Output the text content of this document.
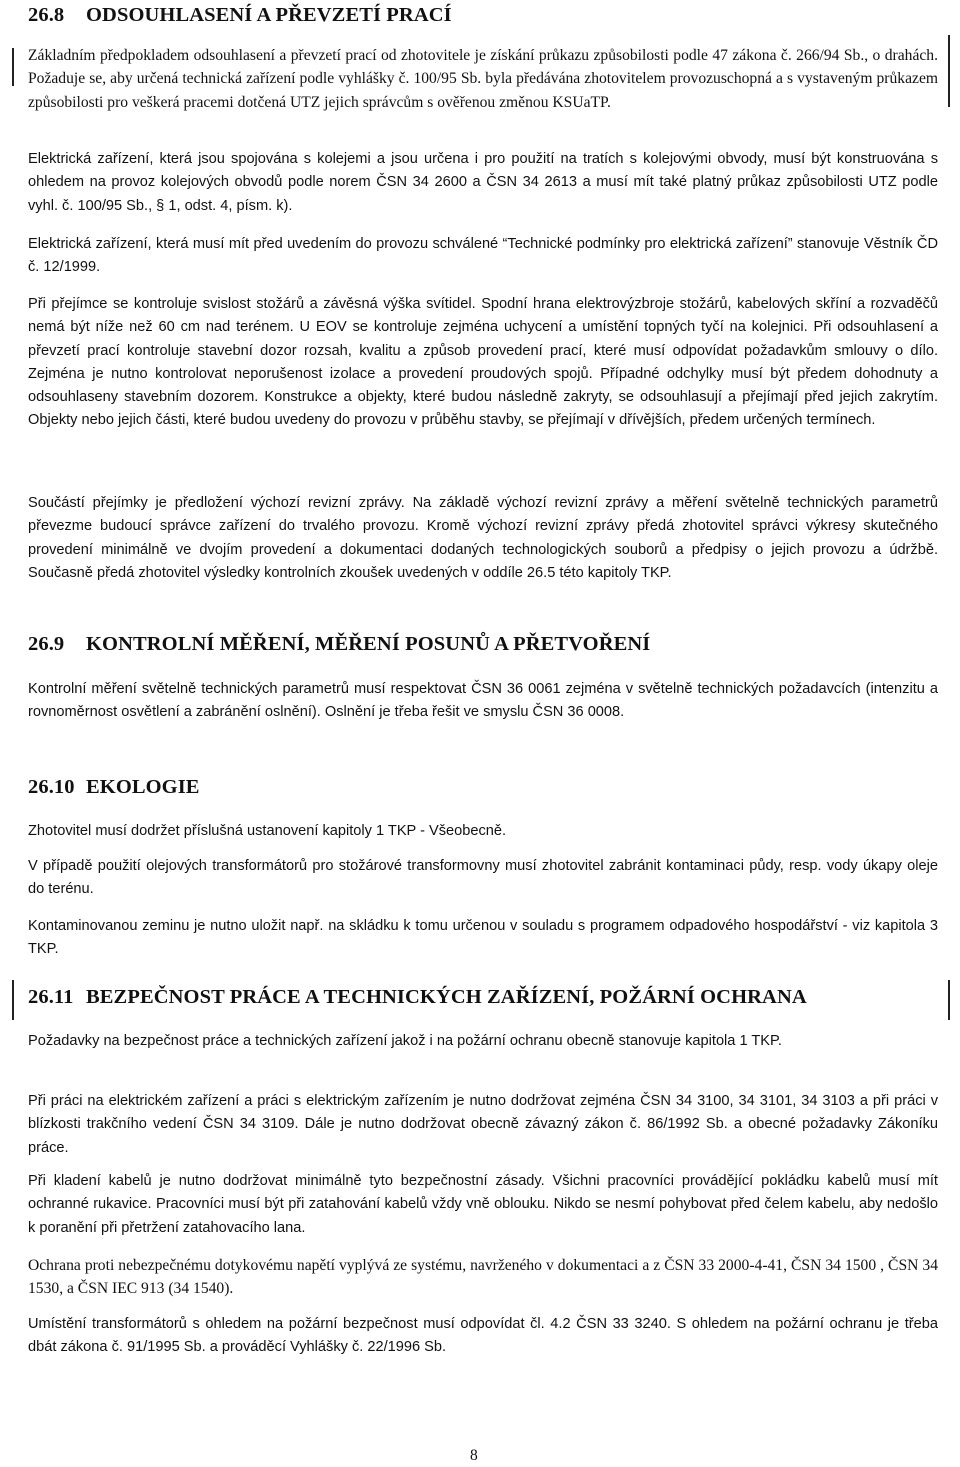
26.8 ODSOUHLASENÍ A PŘEVZETÍ PRACÍ

Základním předpokladem odsouhlasení a převzetí prací od zhotovitele je získání průkazu způsobilosti podle 47 zákona č. 266/94 Sb., o drahách. Požaduje se, aby určená technická zařízení podle vyhlášky č. 100/95 Sb. byla předávána zhotovitelem provozuschopná a s vystaveným průkazem způsobilosti pro veškerá pracemi dotčená UTZ jejich správcům s ověřenou změnou KSUaTP.

Elektrická zařízení, která jsou spojována s kolejemi a jsou určena i pro použití na tratích s kolejovými obvody, musí být konstruována s ohledem na provoz kolejových obvodů podle norem ČSN 34 2600 a ČSN 34 2613 a musí mít také platný průkaz způsobilosti UTZ podle vyhl. č. 100/95 Sb., § 1, odst. 4, písm. k).

Elektrická zařízení, která musí mít před uvedením do provozu schválené “Technické podmínky pro elektrická zařízení” stanovuje Věstník ČD č. 12/1999.

Při přejímce se kontroluje svislost stožárů a závěsná výška svítidel. Spodní hrana elektrovýzbroje stožárů, kabelových skříní a rozvaděčů nemá být níže než 60 cm nad terénem. U EOV se kontroluje zejména uchycení a umístění topných tyčí na kolejnici. Při odsouhlasení a převzetí prací kontroluje stavební dozor rozsah, kvalitu a způsob provedení prací, které musí odpovídat požadavkům smlouvy o dílo. Zejména je nutno kontrolovat neporušenost izolace a provedení proudových spojů. Případné odchylky musí být předem dohodnuty a odsouhlaseny stavebním dozorem. Konstrukce a objekty, které budou následně zakryty, se odsouhlasují a přejímají před jejich zakrytím. Objekty nebo jejich části, které budou uvedeny do provozu v průběhu stavby, se přejímají v dřívějších, předem určených termínech.

Součástí přejímky je předložení výchozí revizní zprávy. Na základě výchozí revizní zprávy a měření světelně technických parametrů převezme budoucí správce zařízení do trvalého provozu. Kromě výchozí revizní zprávy předá zhotovitel správci výkresy skutečného provedení minimálně ve dvojím provedení a dokumentaci dodaných technologických souborů a předpisy o jejich provozu a údržbě. Současně předá zhotovitel výsledky kontrolních zkoušek uvedených v oddíle 26.5 této kapitoly TKP.

26.9 KONTROLNÍ MĚŘENÍ, MĚŘENÍ POSUNŮ A PŘETVOŘENÍ

Kontrolní měření světelně technických parametrů musí respektovat ČSN 36 0061 zejména v světelně technických požadavcích (intenzitu a rovnoměrnost osvětlení a zabránění oslnění). Oslnění je třeba řešit ve smyslu ČSN 36 0008.

26.10 EKOLOGIE

Zhotovitel musí dodržet příslušná ustanovení kapitoly 1 TKP - Všeobecně.

V případě použití olejových transformátorů pro stožárové transformovny musí zhotovitel zabránit kontaminaci půdy, resp. vody úkapy oleje do terénu.

Kontaminovanou zeminu je nutno uložit např. na skládku k tomu určenou v souladu s programem odpadového hospodářství - viz kapitola 3 TKP.

26.11 BEZPEČNOST PRÁCE A TECHNICKÝCH ZAŘÍZENÍ, POŽÁRNÍ OCHRANA

Požadavky na bezpečnost práce a technických zařízení jakož i na požární ochranu obecně stanovuje kapitola 1 TKP.

Při práci na elektrickém zařízení a práci s elektrickým zařízením je nutno dodržovat zejména ČSN 34 3100, 34 3101, 34 3103 a při práci v blízkosti trakčního vedení ČSN 34 3109. Dále je nutno dodržovat obecně závazný zákon č. 86/1992 Sb. a obecné požadavky Zákoníku práce.

Při kladení kabelů je nutno dodržovat minimálně tyto bezpečnostní zásady. Všichni pracovníci provádějící pokládku kabelů musí mít ochranné rukavice. Pracovníci musí být při zatahování kabelů vždy vně oblouku. Nikdo se nesmí pohybovat před čelem kabelu, aby nedošlo k poranění při přetržení zatahovacího lana.

Ochrana proti nebezpečnému dotykovému napětí vyplývá ze systému, navrženého v dokumentaci a z ČSN 33 2000-4-41, ČSN 34 1500 , ČSN 34 1530, a ČSN IEC 913 (34 1540).

Umístění transformátorů s ohledem na požární bezpečnost musí odpovídat čl. 4.2 ČSN 33 3240. S ohledem na požární ochranu je třeba dbát zákona č. 91/1995 Sb. a prováděcí Vyhlášky č. 22/1996 Sb.

8
